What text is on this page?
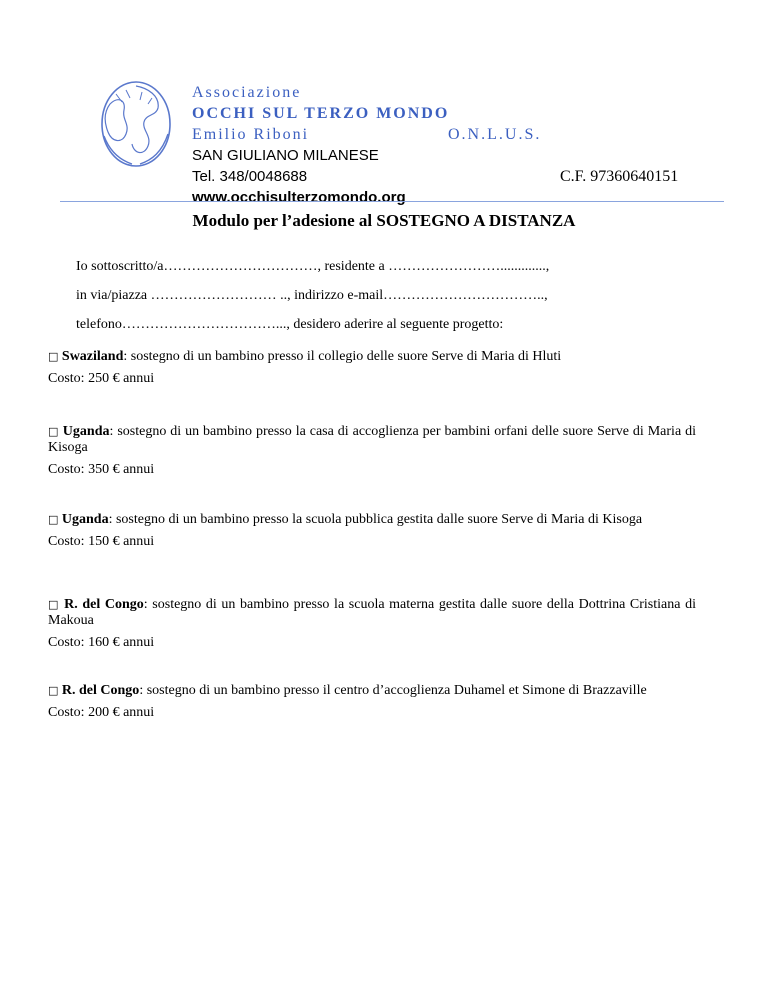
Associazione
OCCHI SUL TERZO MONDO
Emilio Riboni	O.N.L.U.S.
SAN GIULIANO MILANESE
Tel. 348/0048688	C.F. 97360640151
www.occhisulterzomondo.org
Modulo per l’adesione al SOSTEGNO A DISTANZA
Io sottoscritto/a……………………………, residente a …………………….............,
in via/piazza ……………………… .., indirizzo e-mail……………………………..,
telefono……………………………..., desidero aderire al seguente progetto:
□ Swaziland: sostegno di un bambino presso il collegio delle suore Serve di Maria di Hluti
Costo: 250 € annui
□ Uganda: sostegno di un bambino presso la casa di accoglienza per bambini orfani delle suore Serve di Maria di Kisoga
Costo: 350 € annui
□ Uganda: sostegno di un bambino presso la scuola pubblica gestita dalle suore Serve di Maria di Kisoga
Costo: 150 € annui
□ R. del Congo: sostegno di un bambino presso la scuola materna gestita dalle suore della Dottrina Cristiana di Makoua
Costo: 160 € annui
□ R. del Congo: sostegno di un bambino presso il centro d’accoglienza Duhamel et Simone di Brazzaville
Costo: 200 € annui
